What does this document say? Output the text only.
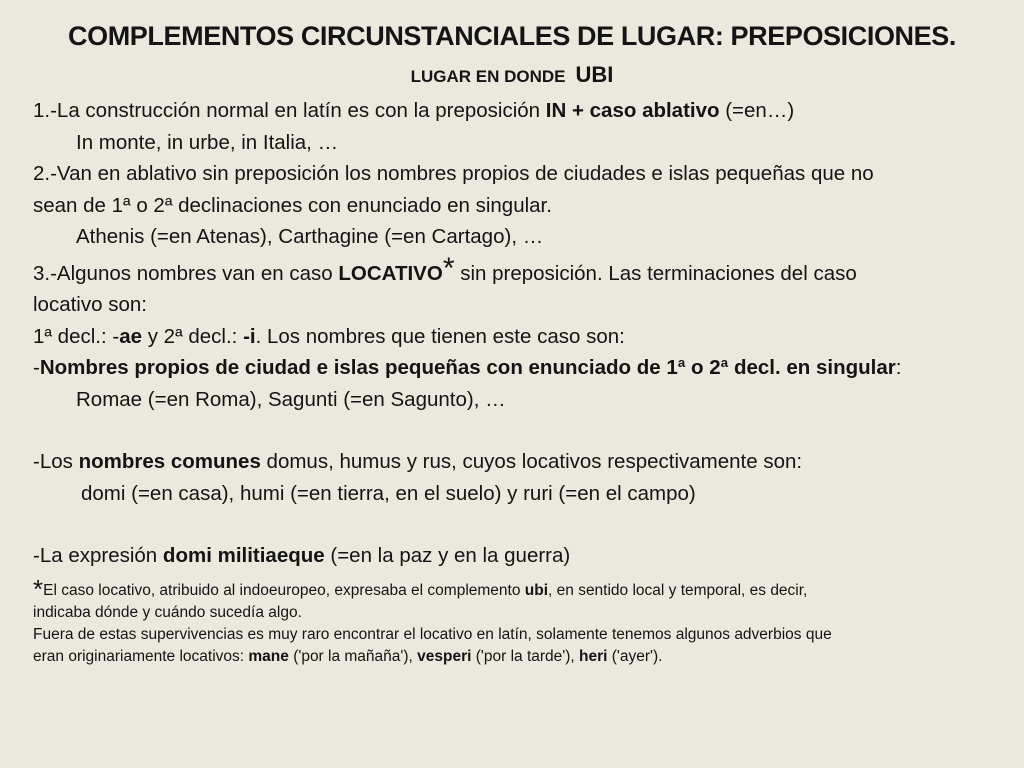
COMPLEMENTOS CIRCUNSTANCIALES DE LUGAR: PREPOSICIONES.
LUGAR EN DONDE UBI
1.-La construcción normal en latín es con la preposición IN + caso ablativo (=en…)
In monte, in urbe, in Italia, …
2.-Van en ablativo sin preposición los nombres propios de ciudades e islas pequeñas que no
sean de 1ª o 2ª declinaciones con enunciado en singular.
Athenis (=en Atenas), Carthagine (=en Cartago), …
3.-Algunos nombres van en caso LOCATIVO* sin preposición. Las terminaciones del caso
locativo son:
1ª decl.: -ae y 2ª decl.: -i. Los nombres que tienen este caso son:
-Nombres propios de ciudad e islas pequeñas con enunciado de 1ª o 2ª decl. en singular:
Romae (=en Roma), Sagunti (=en Sagunto), …
-Los nombres comunes domus, humus y rus, cuyos locativos respectivamente son:
domi (=en casa), humi (=en tierra, en el suelo) y ruri (=en el campo)
-La expresión domi militiaeque (=en la paz y en la guerra)
*El caso locativo, atribuido al indoeuropeo, expresaba el complemento ubi, en sentido local y temporal, es decir,
indicaba dónde y cuándo sucedía algo.
Fuera de estas supervivencias es muy raro encontrar el locativo en latín, solamente tenemos algunos adverbios que
eran originariamente locativos: mane ('por la mañaña'), vesperi ('por la tarde'), heri ('ayer').
